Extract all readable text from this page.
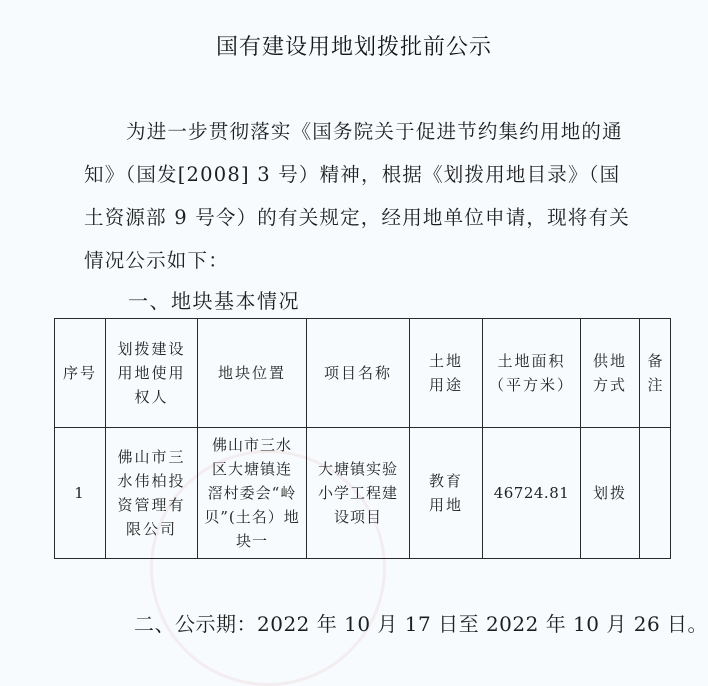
国有建设用地划拨批前公示
为进一步贯彻落实《国务院关于促进节约集约用地的通
知》（国发[2008] 3 号）精神，根据《划拨用地目录》（国
土资源部 9 号令）的有关规定，经用地单位申请，现将有关
情况公示如下：
一、地块基本情况
序号	划拨建设
用地使用
权人	地块位置	项目名称	土地
用途	土地面积
（平方米）	供地
方式	备
注

1	佛山市三
水伟柏投
资管理有
限公司	佛山市三水
区大塘镇连
滘村委会“岭
贝”(土名）地
块一	大塘镇实验
小学工程建
设项目	教育
用地	46724.81	划拨	
二、公示期：2022 年 10 月 17 日至 2022 年 10 月 26 日。
